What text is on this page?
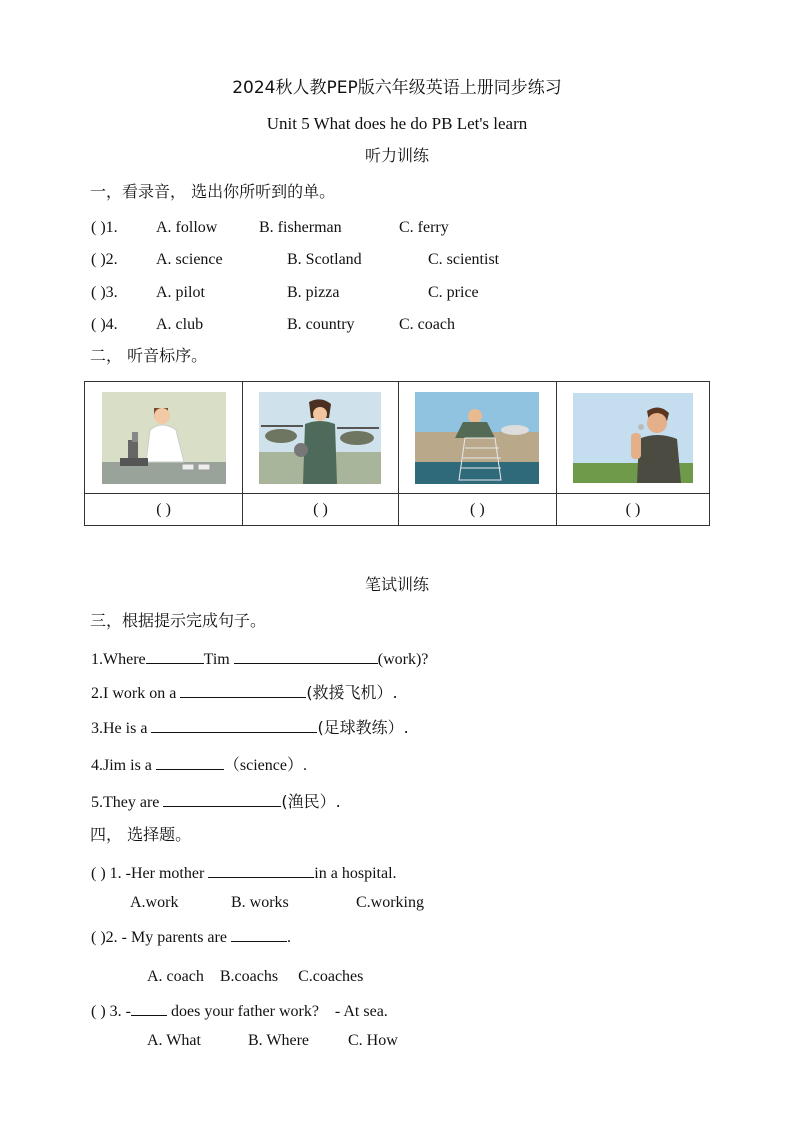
2024秋人教PEP版六年级英语上册同步练习
Unit 5 What does he do PB Let's learn
听力训练
一，看录音， 选出你所听到的单。
( )1. A. follow	B. fisherman	C. ferry
( )2. A. science	B. Scotland	C. scientist
( )3. A. pilot	B. pizza	C. price
( )4. A. club	B. country	C. coach
二， 听音标序。

( )	( )	( )	( )
笔试训练
三，根据提示完成句子。
1.Where	Tim	(work)?
2.I work on a	(救援飞机）.
3.He is a	(足球教练）.
4.Jim is a	（science）.
5.They are	(渔民）.
四， 选择题。
( ) 1. -Her mother	in a hospital.
A.work	B. works	C.working
( )2. - My parents are	.
A. coach    B.coachs     C.coaches
( ) 3. -	does your father work?    - At sea.
A. What	B. Where C. How
